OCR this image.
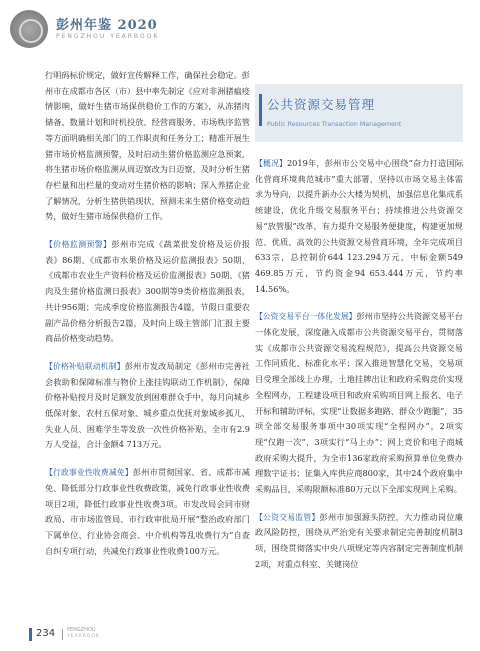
彭州年鉴 2020
PENGZHOU YEARBOOK

行明码标价规定，做好宣传解释工作，确保社会稳定。彭州市在成都市各区（市）县中率先制定《应对非洲猪瘟疫情影响，做好生猪市场保供稳价工作的方案》，从冻猪肉储备、数量计划和时机投放、经营商服务、市场秩序监管等方面明确相关部门的工作职责和任务分工；精准开展生猪市场价格监测预警，及时启动生猪价格监测应急预案，将生猪市场价格监测从周迈察改为日迈察，及时分析生猪存栏量和出栏量的变动对生猪价格的影响；深入养猪企业了解情况，分析生猪供销现状，预测未来生猪价格变动趋势，做好生猪市场保供稳价工作。

【价格监测预警】彭州市完成《蔬菜批发价格及运价报表》86期、《成都市水果价格及运价监测报表》50期、《成都市农业生产资料价格及运价监测报表》50期、《猪肉及生猪价格监测日报表》300期等9类价格监测报表，共计956期；完成季度价格监测报告4篇，节假日重要农副产品价格分析报告2篇，及时向上级主管部门汇报主要商品价格变动趋势。

【价格补贴联动机制】彭州市发改局制定《彭州市完善社会救助和保障标准与物价上涨挂钩联动工作机制》，保障价格补贴按月及时足额发放到困难群众手中，每月向城乡低保对象、农村五保对象、城乡重点优抚对象城乡孤儿、失业人员、困难学生等发放一次性价格补贴，全市有2.9万人受益，合计金额4 713万元。

【行政事业性收费减免】彭州市贯彻国家、省、成都市减免、降低部分行政事业性收费政策，减免行政事业性收费项目2项，降低行政事业性收费3项。市发改局会同市财政局、市市场监管局、市行政审批局开展“整治政府部门下属单位、行业协会商会、中介机构等乱收费行为”自查自纠专项行动，共减免行政事业性收费100万元。

公共资源交易管理
Public Resources Transaction Management

【概况】2019年，彭州市公交易中心围绕“奋力打造国际化营商环境典范城市”重大部署，坚持以市场交易主体需求为导向，以提升新办公大楼为契机，加强信息化集成系统建设，优化升级交易服务平台；持续推进公共资源交易“放管服”改革，有力提升交易服务便捷度，构建更加规范、优质、高效的公共资源交易营商环境，全年完成项目633宗，总控制价644 123.294万元，中标金额549 469.85万元，节约资金94 653.444万元，节约率14.56%。

【公资交易平台一体化发展】彭州市坚持公共资源交易平台一体化发展，深度融入成都市公共资源交易平台，贯彻落实《成都市公共资源交易流程规范》，提高公共资源交易工作同质化、标准化水平；深入推进智慧化交易，交易项目受理全部线上办理，土地挂牌出让和政府采购竞价实现全程网办，工程建设项目和政府采购项目网上报名、电子开标和辅助评标，实现“让数据多跑路、群众少跑腿”，35项全部交易服务事项中30项实现“全程网办”，2项实现“仅跑一次”，3项实行“马上办”；网上竞价和电子商城政府采购大提升，为全市136家政府采购预算单位免费办理数字证书；征集入库供应商800家，其中24个政府集中采购品目，采购限额标准80万元以下全部实现网上采购。

【公资交易监管】彭州市加强源头防控，大力推动岗位廉政风险防控，围绕从严治党有关要求制定完善制度机制3项，围绕贯彻落实中央八项规定等内容制定完善制度机制2项，对重点科室、关键岗位

234 PENGZHOU
YEARBOOK
